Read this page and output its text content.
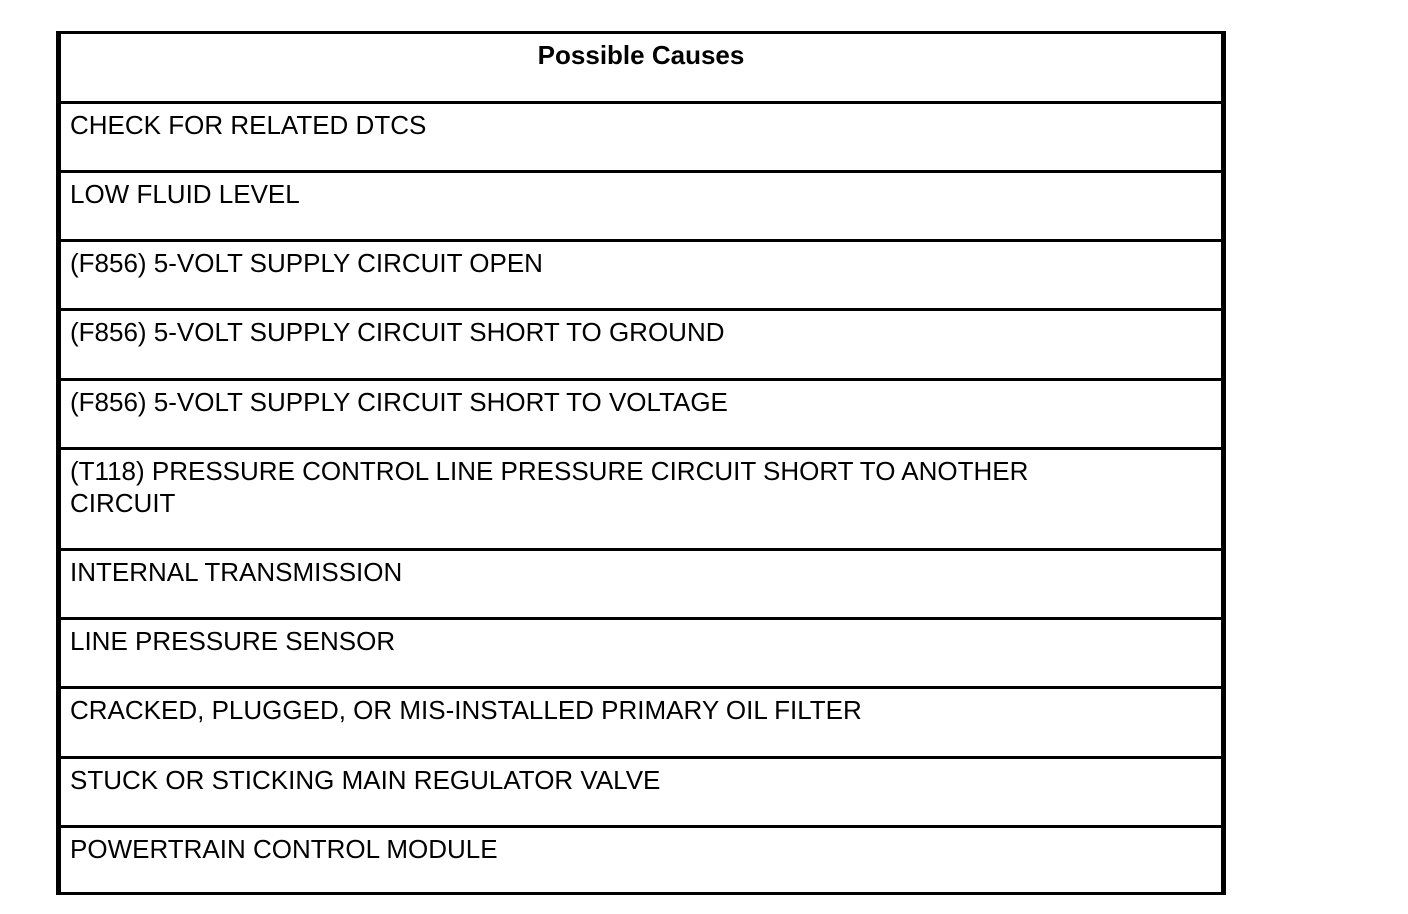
Possible Causes
CHECK FOR RELATED DTCS
LOW FLUID LEVEL
(F856) 5-VOLT SUPPLY CIRCUIT OPEN
(F856) 5-VOLT SUPPLY CIRCUIT SHORT TO GROUND
(F856) 5-VOLT SUPPLY CIRCUIT SHORT TO VOLTAGE
(T118) PRESSURE CONTROL LINE PRESSURE CIRCUIT SHORT TO ANOTHER CIRCUIT
INTERNAL TRANSMISSION
LINE PRESSURE SENSOR
CRACKED, PLUGGED, OR MIS-INSTALLED PRIMARY OIL FILTER
STUCK OR STICKING MAIN REGULATOR VALVE
POWERTRAIN CONTROL MODULE
